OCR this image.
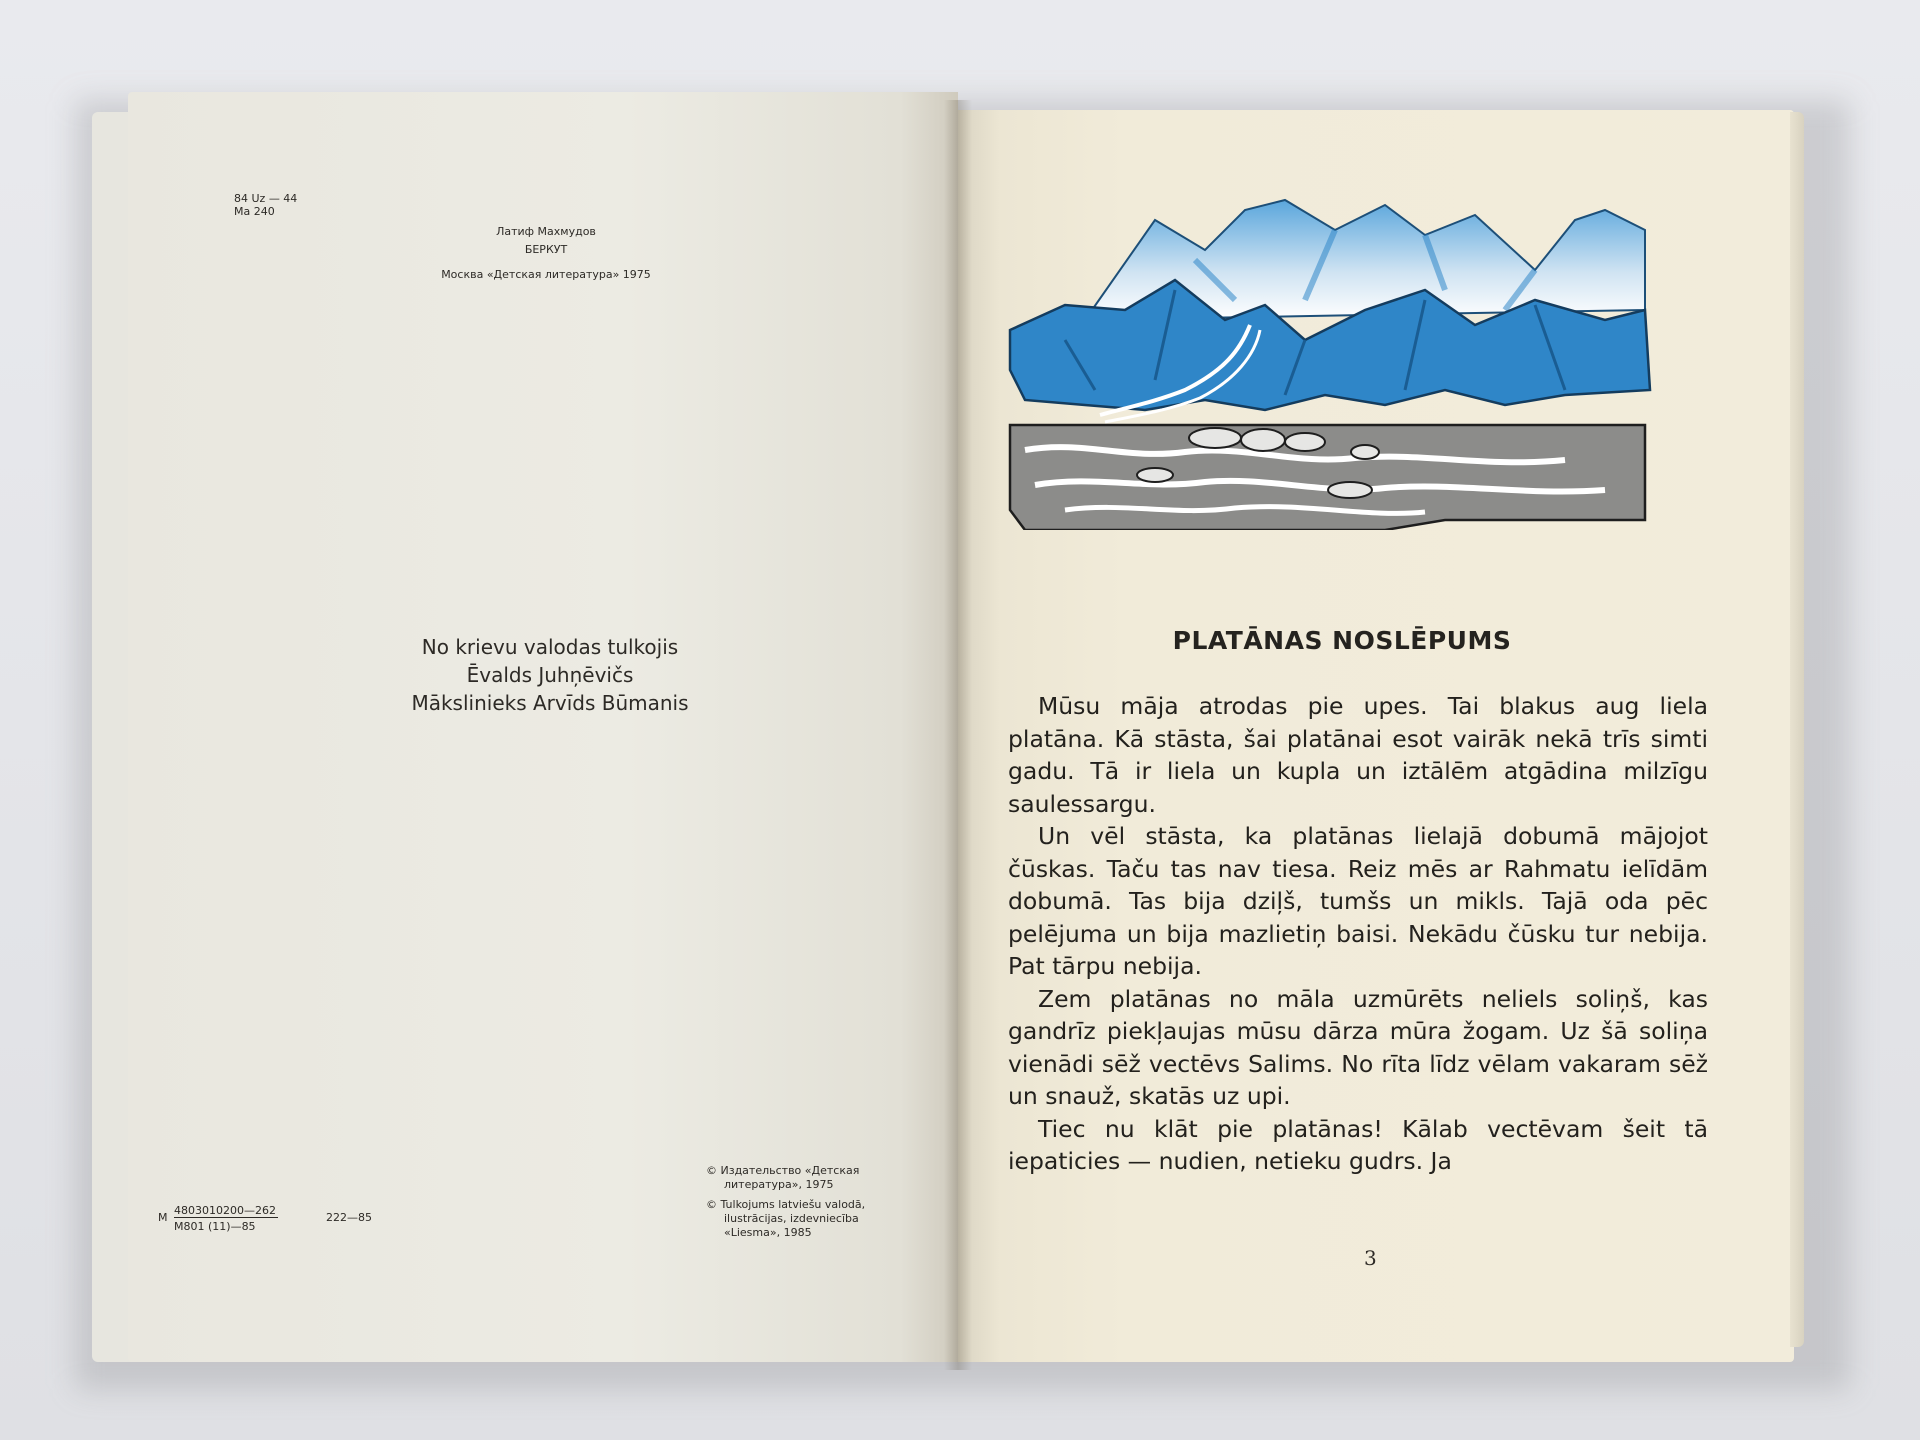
84 Uz — 44
Ma 240
Латиф Махмудов
БЕРКУТ
Москва «Детская литература» 1975
М
4803010200—262
М801 (11)—85
222—85
© Издательство «Детская
литература», 1975
© Tulkojums latviešu valodā,
ilustrācijas, izdevniecība
«Liesma», 1985
No krievu valodas tulkojis
Ēvalds Juhņēvičs
Mākslinieks Arvīds Būmanis
PLATĀNAS NOSLĒPUMS

Mūsu māja atrodas pie upes. Tai blakus aug liela platāna. Kā stāsta, šai platānai esot vairāk nekā trīs simti gadu. Tā ir liela un kupla un iztālēm atgādina milzīgu saulessargu.

Un vēl stāsta, ka platānas lielajā dobumā mājojot čūskas. Taču tas nav tiesa. Reiz mēs ar Rahmatu ielīdām dobumā. Tas bija dziļš, tumšs un mikls. Tajā oda pēc pelējuma un bija mazlietiņ baisi. Nekādu čūsku tur nebija. Pat tārpu nebija.

Zem platānas no māla uzmūrēts neliels soliņš, kas gandrīz piekļaujas mūsu dārza mūra žogam. Uz šā soliņa vienādi sēž vectēvs Salims. No rīta līdz vēlam vakaram sēž un snauž, skatās uz upi.

Tiec nu klāt pie platānas! Kālab vectēvam šeit tā iepaticies — nudien, netieku gudrs. Ja

3
